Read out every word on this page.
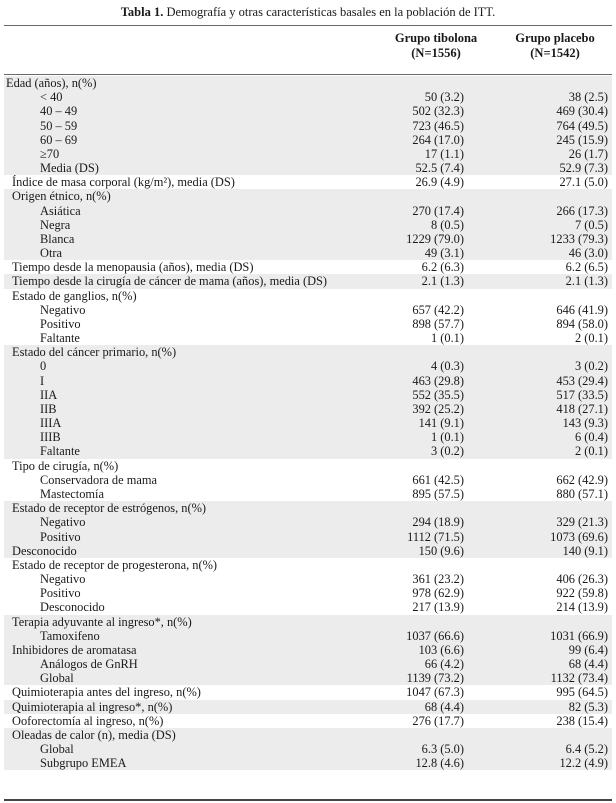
Tabla 1. Demografía y otras características basales en la población de ITT.
Grupo tibolona
(N=1556)
Grupo placebo
(N=1542)
Edad (años), n(%)
< 40	50 (3.2)	38 (2.5)
40 – 49	502 (32.3)	469 (30.4)
50 – 59	723 (46.5)	764 (49.5)
60 – 69	264 (17.0)	245 (15.9)
≥70	17 (1.1)	26 (1.7)
Media (DS)	52.5 (7.4)	52.9 (7.3)
Índice de masa corporal (kg/m²), media (DS)	26.9 (4.9)	27.1 (5.0)
Origen étnico, n(%)
Asiática	270 (17.4)	266 (17.3)
Negra	8 (0.5)	7 (0.5)
Blanca	1229 (79.0)	1233 (79.3)
Otra	49 (3.1)	46 (3.0)
Tiempo desde la menopausia (años), media (DS)	6.2 (6.3)	6.2 (6.5)
Tiempo desde la cirugía de cáncer de mama (años), media (DS)	2.1 (1.3)	2.1 (1.3)
Estado de ganglios, n(%)
Negativo	657 (42.2)	646 (41.9)
Positivo	898 (57.7)	894 (58.0)
Faltante	1 (0.1)	2 (0.1)
Estado del cáncer primario, n(%)
0	4 (0.3)	3 (0.2)
I	463 (29.8)	453 (29.4)
IIA	552 (35.5)	517 (33.5)
IIB	392 (25.2)	418 (27.1)
IIIA	141 (9.1)	143 (9.3)
IIIB	1 (0.1)	6 (0.4)
Faltante	3 (0.2)	2 (0.1)
Tipo de cirugía, n(%)
Conservadora de mama	661 (42.5)	662 (42.9)
Mastectomía	895 (57.5)	880 (57.1)
Estado de receptor de estrógenos, n(%)
Negativo	294 (18.9)	329 (21.3)
Positivo	1112 (71.5)	1073 (69.6)
Desconocido	150 (9.6)	140 (9.1)
Estado de receptor de progesterona, n(%)
Negativo	361 (23.2)	406 (26.3)
Positivo	978 (62.9)	922 (59.8)
Desconocido	217 (13.9)	214 (13.9)
Terapia adyuvante al ingreso*, n(%)
Tamoxifeno	1037 (66.6)	1031 (66.9)
Inhibidores de aromatasa	103 (6.6)	99 (6.4)
Análogos de GnRH	66 (4.2)	68 (4.4)
Global	1139 (73.2)	1132 (73.4)
Quimioterapia antes del ingreso, n(%)	1047 (67.3)	995 (64.5)
Quimioterapia al ingreso*, n(%)	68 (4.4)	82 (5.3)
Ooforectomía al ingreso, n(%)	276 (17.7)	238 (15.4)
Oleadas de calor (n), media (DS)
Global	6.3 (5.0)	6.4 (5.2)
Subgrupo EMEA	12.8 (4.6)	12.2 (4.9)
